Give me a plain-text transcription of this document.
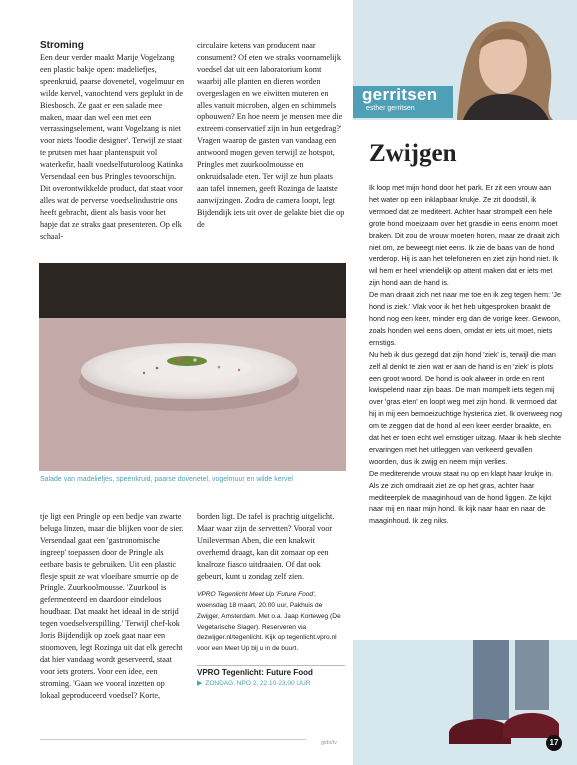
Stroming
Een deur verder maakt Marije Vogelzang een plastic bakje open: madeliefjes, speenkruid, paarse dovenetel, vogelmuur en wilde kervel, vanochtend vers geplukt in de Biesbosch. Ze gaat er een salade mee maken, maar dan wel een met een verrassingselement, want Vogelzang is niet voor niets 'foodie designer'. Terwijl ze staat te prutsen met haar plantenspuit vol waterkefir, haalt voedselfuturoloog Katinka Versendaal een bus Pringles tevoorschijn. Dit overontwikkelde product, dat staat voor alles wat de perverse voedselindustrie ons heeft gebracht, dient als basis voor het hapje dat ze straks gaat presenteren. Op elk schaal-
circulaire ketens van producent naar consument? Of eten we straks voornamelijk voedsel dat uit een laboratorium komt waarbij alle planten en dieren worden overgeslagen en we eiwitten muteren en alles vanuit microben, algen en schimmels opbouwen? En hoe neem je mensen mee die extreem conservatief zijn in hun eetgedrag?' Vragen waarop de gasten van vandaag een antwoord mogen geven terwijl ze hotspot, Pringles met zuurkoolmousse en onkruidsalade eten. Ter wijl ze hun plaats aan tafel innemen, geeft Rozinga de laatste aanwijzingen. Zodra de camera loopt, legt Bijdendijk iets uit over de gelakte biet die op de
Salade van madeliefjes, speenkruid, paarse dovenetel, vogelmuur en wilde kervel
tje ligt een Pringle op een bedje van zwarte beluga linzen, maar die blijken voor de sier. Versendaal gaat een 'gastronomische ingreep' toepassen door de Pringle als eetbare basis te gebruiken. Uit een plastic flesje spuit ze wat vloeibare smurrie op de Pringle. Zuurkoolmousse. 'Zuurkool is gefermenteerd en daardoor eindeloos houdbaar. Dat maakt het ideaal in de strijd tegen voedselverspilling.' Terwijl chef-kok Joris Bijdendijk op zoek gaat naar een stoomoven, legt Rozinga uit dat elk gerecht dat hier vandaag wordt geserveerd, staat voor iets groters. Voor een idee, een stroming. 'Gaan we vooral inzetten op lokaal geproduceerd voedsel? Korte,
borden ligt. De tafel is prachtig uitgelicht. Maar waar zijn de servetten? Vooral voor Unileverman Aben, die een knakwit overhemd draagt, kan dit zomaar op een knalroze fiasco uitdraaien. Of dat ook gebeurt, kunt u zondag zelf zien.
VPRO Tegenlicht Meet Up 'Future Food', woensdag 18 maart, 20.00 uur, Pakhuis de Zwijger, Amsterdam. Met o.a. Jaap Korteweg (De Vegetarische Slager). Reserveren via dezwijger.nl/tegenlicht. Kijk op tegenlicht.vpro.nl voor een Meet Up bij u in de buurt.
VPRO Tegenlicht: Future Food
▶ ZONDAG, NPO 2, 22.10-23.00 UUR
gids/tv
gerritsen
esther gerritsen
Zwijgen

Ik loop met mijn hond door het park. Er zit een vrouw aan het water op een inklapbaar krukje. Ze zit doodstil, ik vermoed dat ze mediteert. Achter haar strompelt een hele grote hond moeizaam over het grasdie in eens enorm moet braken. Dit zou de vrouw moeten horen, maar ze draait zich niet om, ze beweegt niet eens. Ik zie de baas van de hond verderop. Hij is aan het telefoneren en ziet zijn hond niet. Ik wil hem er heel vriendelijk op attent maken dat er iets met zijn hond aan de hand is.

De man draait zich net naar me toe en ik zeg tegen hem: 'Je hond is ziek.' Vlak voor ik het heb uitgesproken braakt de hond nog een keer, minder erg dan de vorige keer. Gewoon, zoals honden wel eens doen, omdat er iets uit moet, niets ernstigs.

Nu heb ik dus gezegd dat zijn hond 'ziek' is, terwijl die man zelf al denkt te zien wat er aan de hand is en 'ziek' is plots een groot woord. De hond is ook alweer in orde en rent kwispelend naar zijn baas. De man mompelt iets tegen mij over 'gras eten' en loopt weg met zijn hond. Ik vermoed dat hij in mij een bemoeizuchtige hysterica ziet. Ik overweeg nog om te zeggen dat de hond al een keer eerder braakte, en dat het er toen echt wel ernstiger uitzag. Maar ik heb slechte ervaringen met het uitleggen van verkeerd gevallen woorden, dus ik zwijg en neem mijn verlies.

De mediterende vrouw staat nu op en klapt haar krukje in. Als ze zich omdraait ziet ze op het gras, achter haar mediteerplek de maaginhoud van de hond liggen. Ze kijkt naar mij en naar mijn hond. Ik kijk naar haar en naar de maaginhoud. Ik zeg niks.

17
